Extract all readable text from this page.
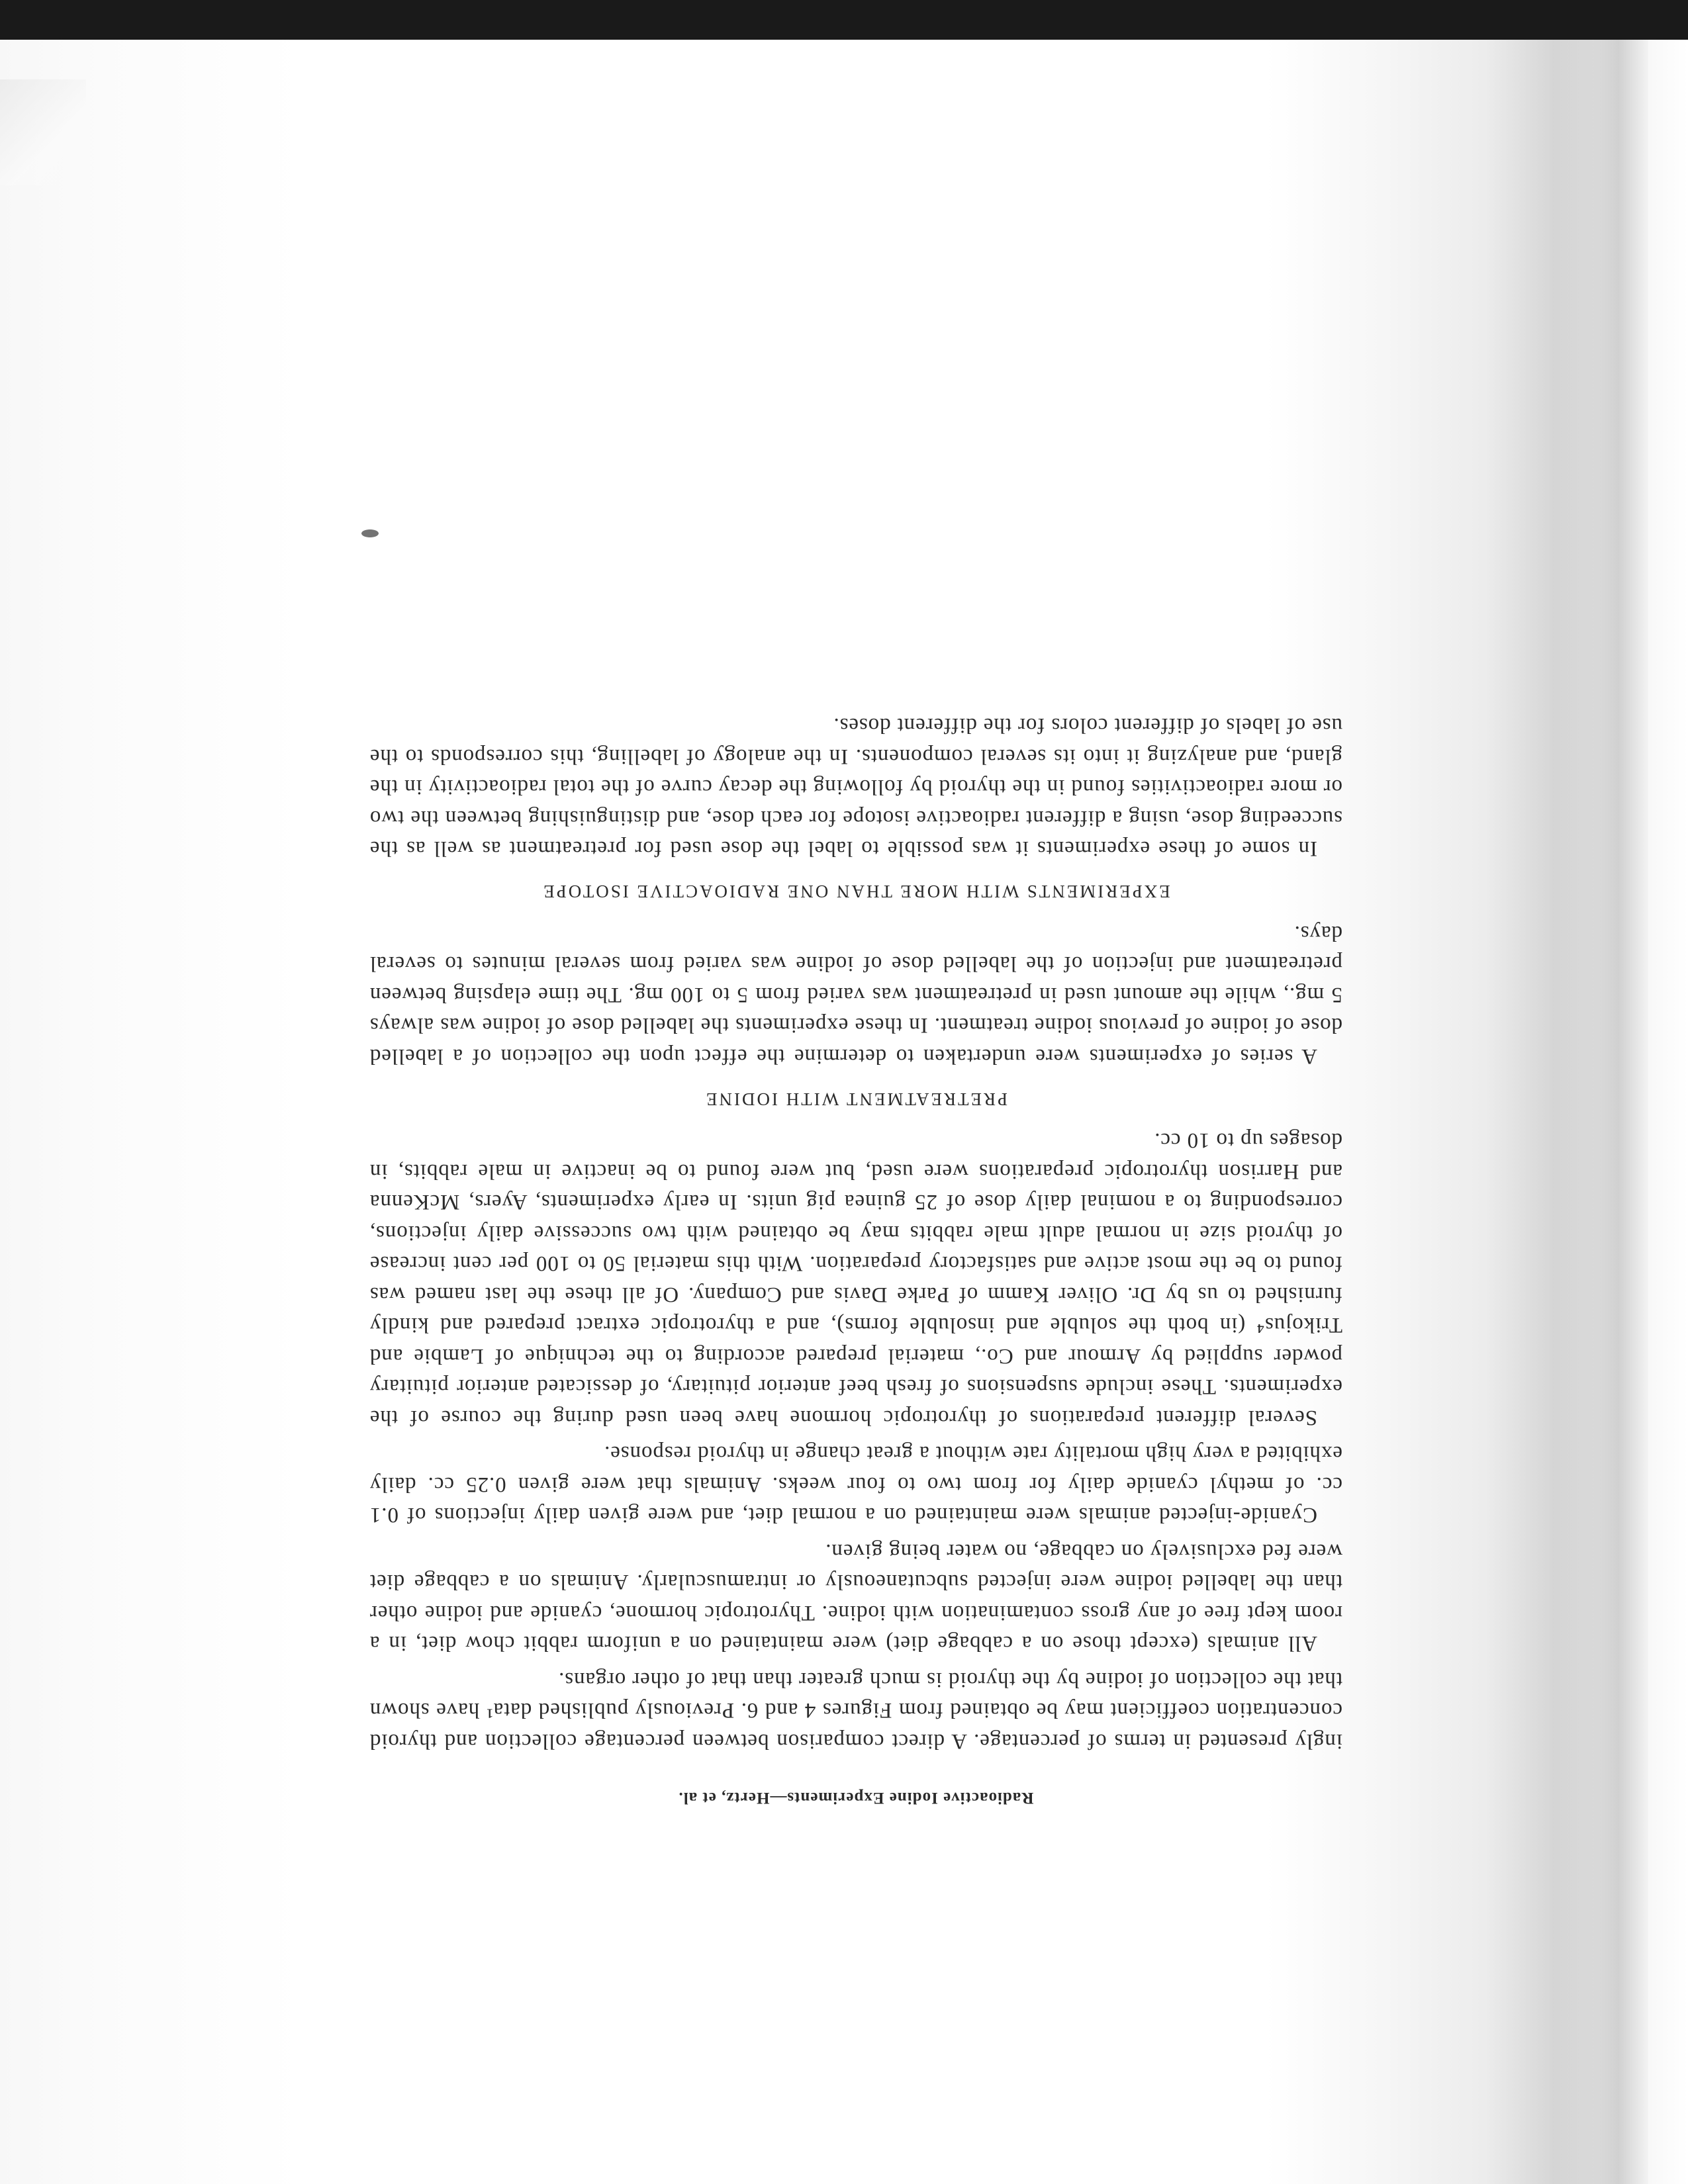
Radioactive Iodine Experiments—Hertz, et al.

ingly presented in terms of percentage. A direct comparison between percentage collection and thyroid concentration coefficient may be obtained from Figures 4 and 6. Previously published data¹ have shown that the collection of iodine by the thyroid is much greater than that of other organs.

All animals (except those on a cabbage diet) were maintained on a uniform rabbit chow diet, in a room kept free of any gross contamination with iodine. Thyrotropic hormone, cyanide and iodine other than the labelled iodine were injected subcutaneously or intramuscularly. Animals on a cabbage diet were fed exclusively on cabbage, no water being given.

Cyanide-injected animals were maintained on a normal diet, and were given daily injections of 0.1 cc. of methyl cyanide daily for from two to four weeks. Animals that were given 0.25 cc. daily exhibited a very high mortality rate without a great change in thyroid response.

Several different preparations of thyrotropic hormone have been used during the course of the experiments. These include suspensions of fresh beef anterior pituitary, of dessicated anterior pituitary powder supplied by Armour and Co., material prepared according to the technique of Lambie and Trikojus⁴ (in both the soluble and insoluble forms), and a thyrotropic extract prepared and kindly furnished to us by Dr. Oliver Kamm of Parke Davis and Company. Of all these the last named was found to be the most active and satisfactory preparation. With this material 50 to 100 per cent increase of thyroid size in normal adult male rabbits may be obtained with two successive daily injections, corresponding to a nominal daily dose of 25 guinea pig units. In early experiments, Ayers, McKenna and Harrison thyrotropic preparations were used, but were found to be inactive in male rabbits, in dosages up to 10 cc.

PRETREATMENT WITH IODINE

A series of experiments were undertaken to determine the effect upon the collection of a labelled dose of iodine of previous iodine treatment. In these experiments the labelled dose of iodine was always 5 mg., while the amount used in pretreatment was varied from 5 to 100 mg. The time elapsing between pretreatment and injection of the labelled dose of iodine was varied from several minutes to several days.

EXPERIMENTS WITH MORE THAN ONE RADIOACTIVE ISOTOPE

In some of these experiments it was possible to label the dose used for pretreatment as well as the succeeding dose, using a different radioactive isotope for each dose, and distinguishing between the two or more radioactivities found in the thyroid by following the decay curve of the total radioactivity in the gland, and analyzing it into its several components. In the analogy of labelling, this corresponds to the use of labels of different colors for the different doses.
